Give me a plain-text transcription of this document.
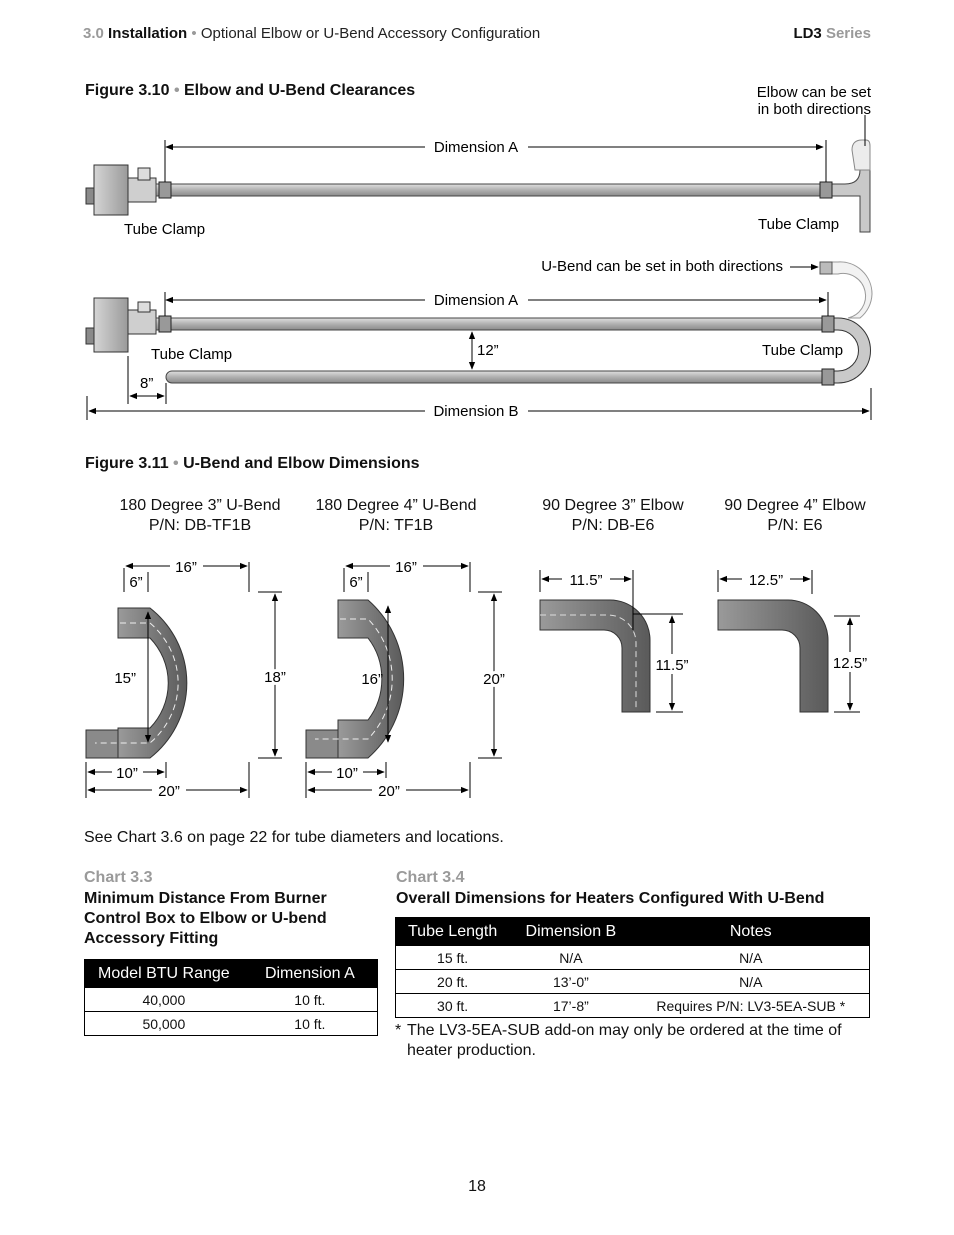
3.0 Installation • Optional Elbow or U-Bend Accessory Configuration	LD3 Series
Figure 3.10 • Elbow and U-Bend Clearances
Dimension A
Elbow can be set
in both directions
Tube Clamp	Tube Clamp
U-Bend can be set in both directions
Dimension A
12”
8”
Tube Clamp	Tube Clamp
Dimension B
Figure 3.11 • U-Bend and Elbow Dimensions
180 Degree 3” U-Bend
P/N: DB-TF1B
180 Degree 4” U-Bend
P/N: TF1B
90 Degree 3” Elbow
P/N: DB-E6
90 Degree 4” Elbow
P/N: E6
16”
6”
15”	18”
10”
20”
16”
6”
16”	20”
10”
20”
11.5”
11.5”
12.5”
12.5”
See Chart 3.6 on page 22 for tube diameters and locations.
Chart 3.3
Minimum Distance From Burner
Control Box to Elbow or U-bend
Accessory Fitting
Model BTU Range	Dimension A
40,000	10 ft.
50,000	10 ft.
Chart 3.4
Overall Dimensions for Heaters Configured With U-Bend
Tube Length	Dimension B	Notes
15 ft.	N/A	N/A
20 ft.	13’-0”	N/A
30 ft.	17’-8”	Requires P/N: LV3-5EA-SUB *
* The LV3-5EA-SUB add-on may only be ordered at the time of heater production.
18
